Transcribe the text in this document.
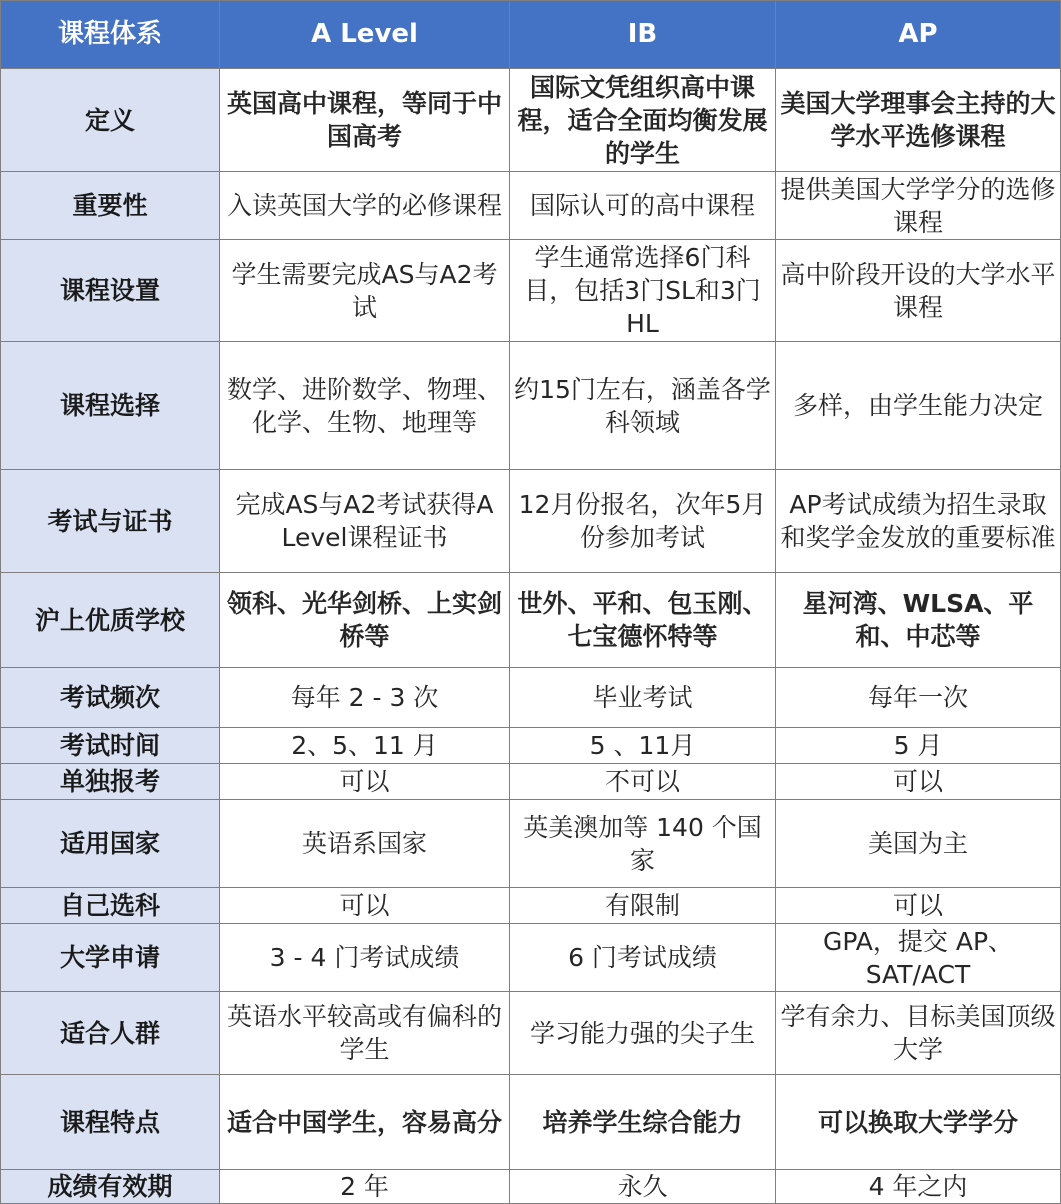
课程体系	A Level	IB	AP
定义	英国高中课程，等同于中国高考	国际文凭组织高中课程，适合全面均衡发展的学生	美国大学理事会主持的大学水平选修课程
重要性	入读英国大学的必修课程	国际认可的高中课程	提供美国大学学分的选修课程
课程设置	学生需要完成AS与A2考试	学生通常选择6门科目，包括3门SL和3门HL	高中阶段开设的大学水平课程
课程选择	数学、进阶数学、物理、化学、生物、地理等	约15门左右，涵盖各学科领域	多样，由学生能力决定
考试与证书	完成AS与A2考试获得A Level课程证书	12月份报名，次年5月份参加考试	AP考试成绩为招生录取和奖学金发放的重要标准
沪上优质学校	领科、光华剑桥、上实剑桥等	世外、平和、包玉刚、七宝德怀特等	星河湾、WLSA、平和、中芯等
考试频次	每年 2 - 3 次	毕业考试	每年一次
考试时间	2、5、11 月	5 、11月	5 月
单独报考	可以	不可以	可以
适用国家	英语系国家	英美澳加等 140 个国家	美国为主
自己选科	可以	有限制	可以
大学申请	3 - 4 门考试成绩	6 门考试成绩	GPA，提交 AP、SAT/ACT
适合人群	英语水平较高或有偏科的学生	学习能力强的尖子生	学有余力、目标美国顶级大学
课程特点	适合中国学生，容易高分	培养学生综合能力	可以换取大学学分
成绩有效期	2 年	永久	4 年之内
